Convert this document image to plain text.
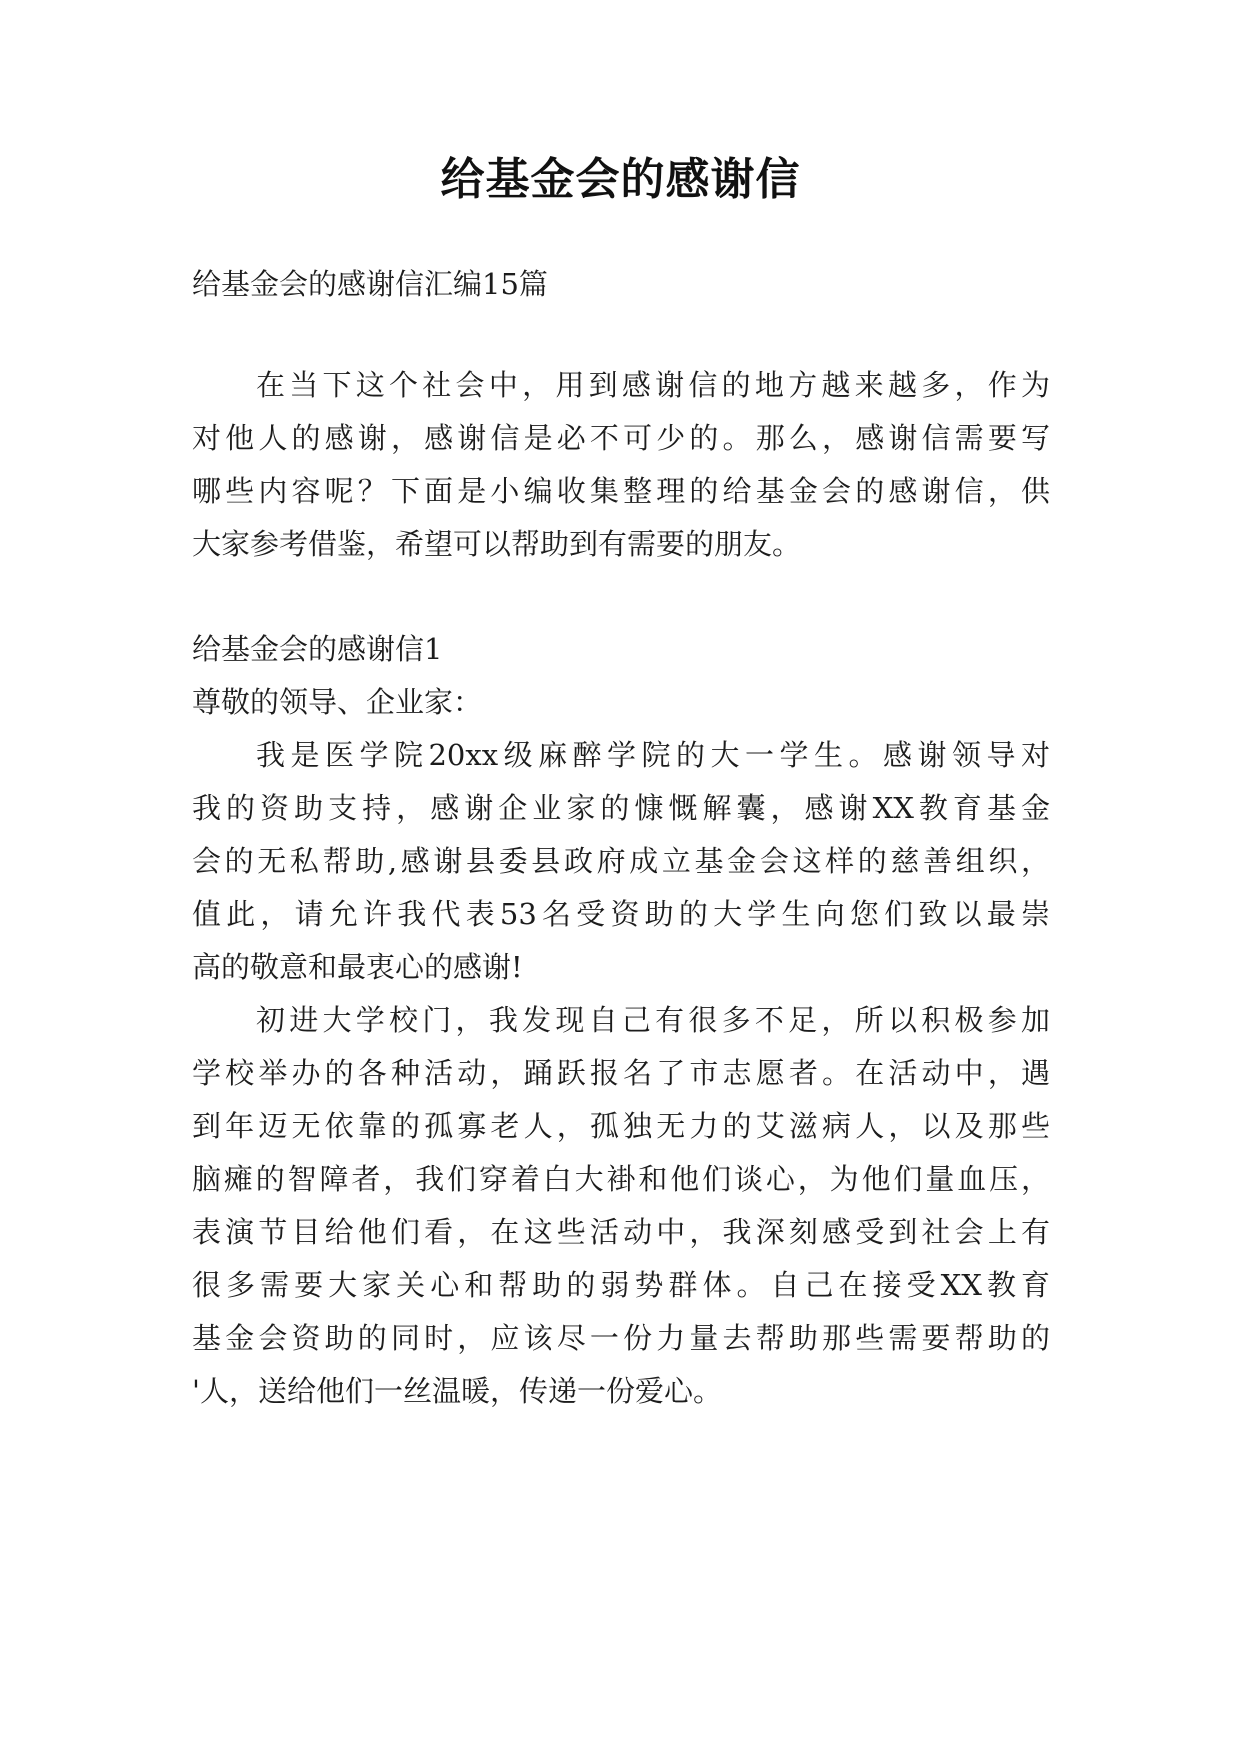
给基金会的感谢信
给基金会的感谢信汇编15篇
在当下这个社会中，用到感谢信的地方越来越多，作为
对他人的感谢，感谢信是必不可少的。那么，感谢信需要写
哪些内容呢？下面是小编收集整理的给基金会的感谢信，供
大家参考借鉴，希望可以帮助到有需要的朋友。
给基金会的感谢信1
尊敬的领导、企业家：
我是医学院20xx级麻醉学院的大一学生。感谢领导对
我的资助支持，感谢企业家的慷慨解囊，感谢XX教育基金
会的无私帮助,感谢县委县政府成立基金会这样的慈善组织，
值此，请允许我代表53名受资助的大学生向您们致以最崇
高的敬意和最衷心的感谢!
初进大学校门，我发现自己有很多不足，所以积极参加
学校举办的各种活动，踊跃报名了市志愿者。在活动中，遇
到年迈无依靠的孤寡老人，孤独无力的艾滋病人，以及那些
脑瘫的智障者，我们穿着白大褂和他们谈心，为他们量血压，
表演节目给他们看，在这些活动中，我深刻感受到社会上有
很多需要大家关心和帮助的弱势群体。自己在接受XX教育
基金会资助的同时，应该尽一份力量去帮助那些需要帮助的
'人，送给他们一丝温暖，传递一份爱心。
